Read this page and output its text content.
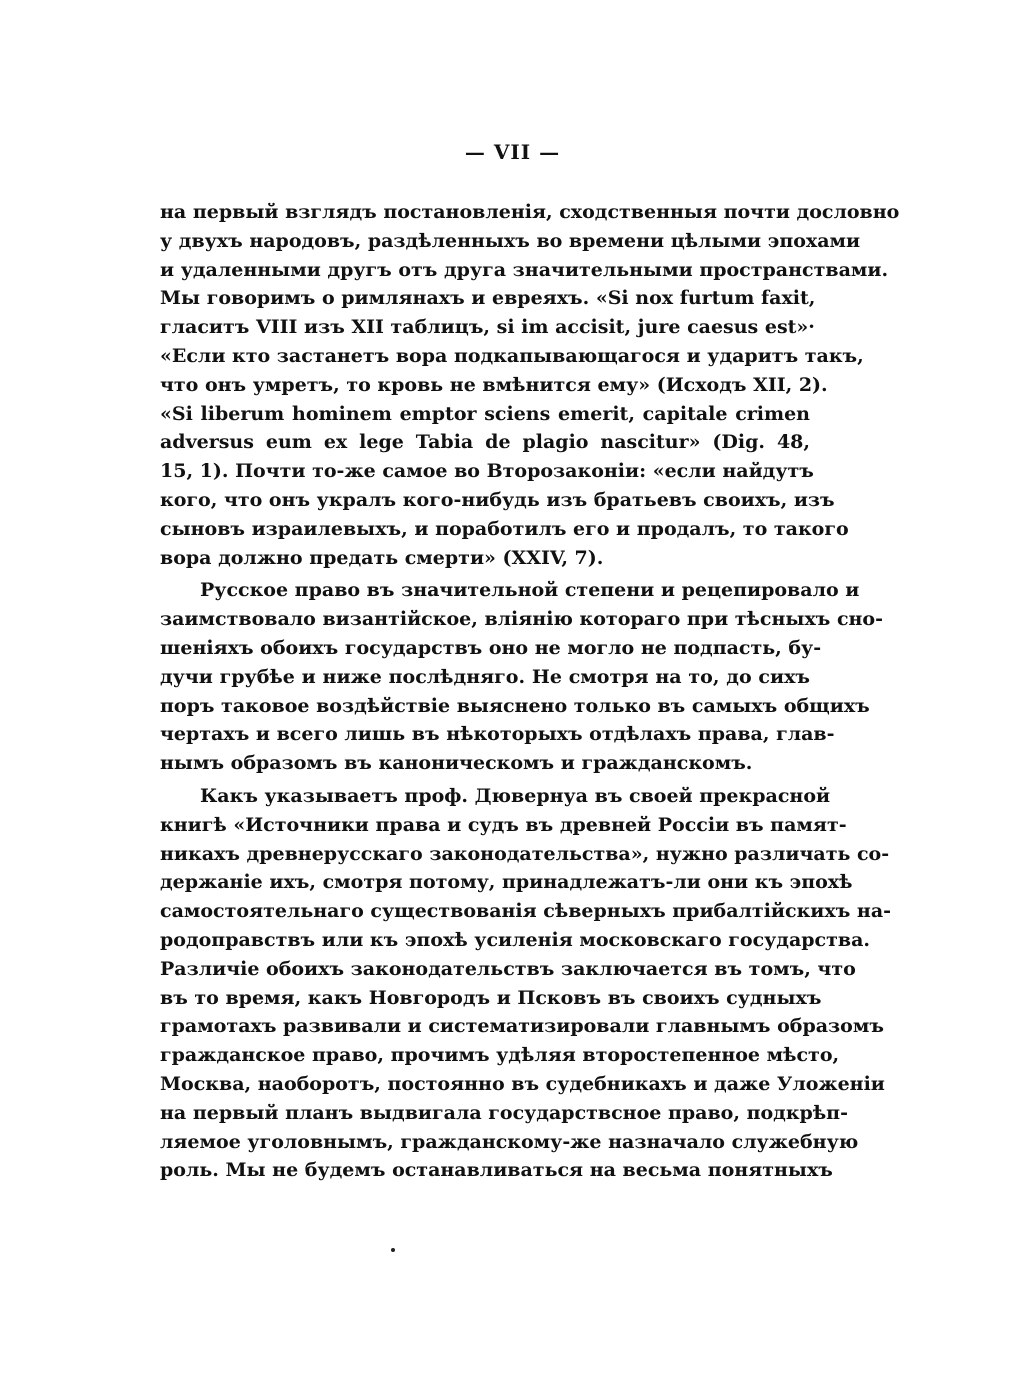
— VII —
на первый взглядъ постановленія, сходственныя почти дословно
у двухъ народовъ, раздѣленныхъ во времени цѣлыми эпохами
и удаленными другъ отъ друга значительными пространствами.
Мы говоримъ о римлянахъ и евреяхъ. «Si nox furtum faxit,
гласитъ VIII изъ XII таблицъ, si im accisit, jure caesus est»·
«Если кто застанетъ вора подкапывающагося и ударитъ такъ,
что онъ умретъ, то кровь не вмѣнится ему» (Исходъ XII, 2).
«Si liberum hominem emptor sciens emerit, capitale crimen
adversus eum ex lege Tabia de plagio nascitur» (Dig. 48,
15, 1). Почти то-же самое во Второзаконіи: «если найдутъ
кого, что онъ укралъ кого-нибудь изъ братьевъ своихъ, изъ
сыновъ израилевыхъ, и поработилъ его и продалъ, то такого
вора должно предать смерти» (XXIV, 7).
Русское право въ значительной степени и рецепировало и
заимствовало византійское, вліянію котораго при тѣсныхъ сно-
шеніяхъ обоихъ государствъ оно не могло не подпасть, бу-
дучи грубѣе и ниже послѣдняго. Не смотря на то, до сихъ
поръ таковое воздѣйствіе выяснено только въ самыхъ общихъ
чертахъ и всего лишь въ нѣкоторыхъ отдѣлахъ права, глав-
нымъ образомъ въ каноническомъ и гражданскомъ.
Какъ указываетъ проф. Дювернуа въ своей прекрасной
книгѣ «Источники права и судъ въ древней Россіи въ памят-
никахъ древнерусскаго законодательства», нужно различать со-
держаніе ихъ, смотря потому, принадлежатъ-ли они къ эпохѣ
самостоятельнаго существованія сѣверныхъ прибалтійскихъ на-
родоправствъ или къ эпохѣ усиленія московскаго государства.
Различіе обоихъ законодательствъ заключается въ томъ, что
въ то время, какъ Новгородъ и Псковъ въ своихъ судныхъ
грамотахъ развивали и систематизировали главнымъ образомъ
гражданское право, прочимъ удѣляя второстепенное мѣсто,
Москва, наоборотъ, постоянно въ судебникахъ и даже Уложеніи
на первый планъ выдвигала государствсное право, подкрѣп-
ляемое уголовнымъ, гражданскому-же назначало служебную
роль. Мы не будемъ останавливаться на весьма понятныхъ
